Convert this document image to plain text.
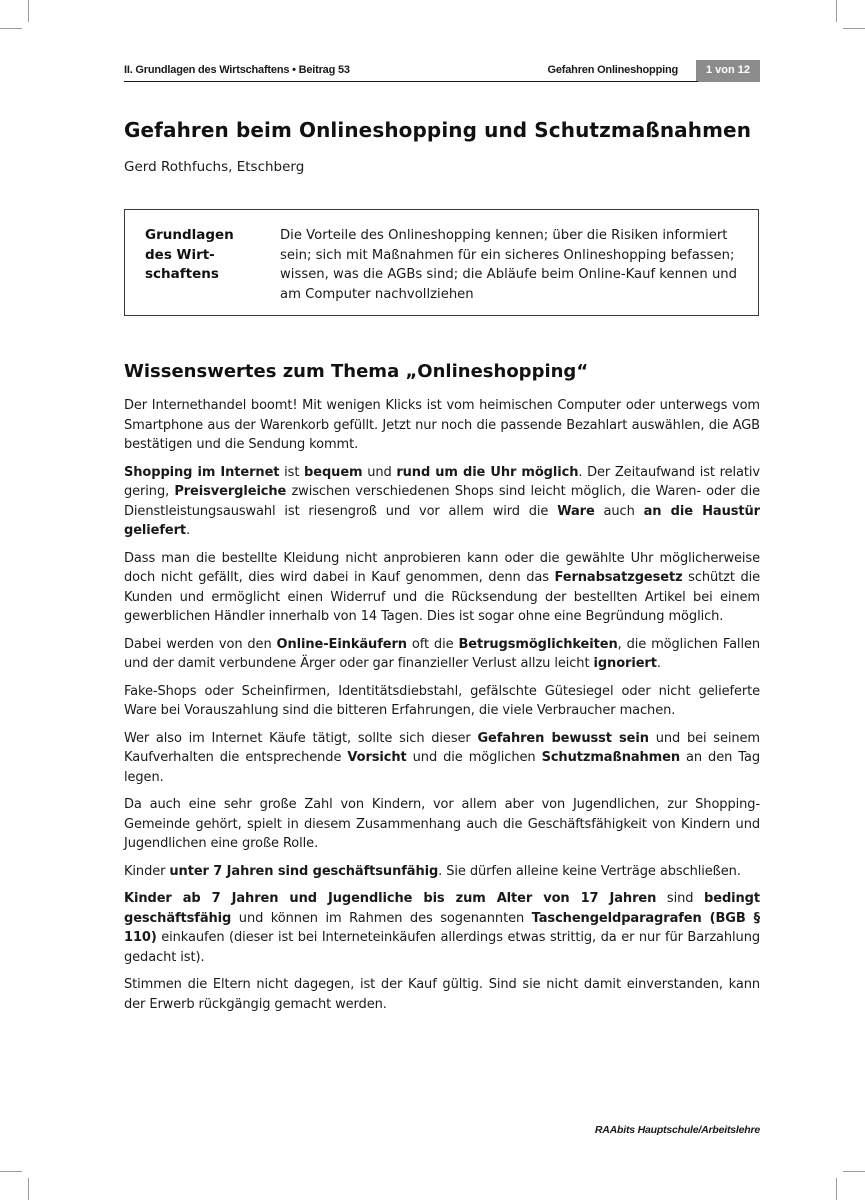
II. Grundlagen des Wirtschaftens • Beitrag 53	Gefahren Onlineshopping	1 von 12
Gefahren beim Onlineshopping und Schutzmaßnahmen
Gerd Rothfuchs, Etschberg

Grundlagen
des Wirt-
schaftens

Die Vorteile des Onlineshopping kennen; über die Risiken informiert sein; sich mit Maßnahmen für ein sicheres Onlineshopping befassen; wissen, was die AGBs sind; die Abläufe beim Online-Kauf kennen und am Computer nachvollziehen

Wissenswertes zum Thema „Onlineshopping“

Der Internethandel boomt! Mit wenigen Klicks ist vom heimischen Computer oder unterwegs vom Smartphone aus der Warenkorb gefüllt. Jetzt nur noch die passende Bezahlart auswählen, die AGB bestätigen und die Sendung kommt.

Shopping im Internet ist bequem und rund um die Uhr möglich. Der Zeitaufwand ist relativ gering, Preisvergleiche zwischen verschiedenen Shops sind leicht möglich, die Waren- oder die Dienstleistungsauswahl ist riesengroß und vor allem wird die Ware auch an die Haustür geliefert.

Dass man die bestellte Kleidung nicht anprobieren kann oder die gewählte Uhr möglicherweise doch nicht gefällt, dies wird dabei in Kauf genommen, denn das Fernabsatzgesetz schützt die Kunden und ermöglicht einen Widerruf und die Rücksendung der bestellten Artikel bei einem gewerblichen Händler innerhalb von 14 Tagen. Dies ist sogar ohne eine Begründung möglich.

Dabei werden von den Online-Einkäufern oft die Betrugsmöglichkeiten, die möglichen Fallen und der damit verbundene Ärger oder gar finanzieller Verlust allzu leicht ignoriert.

Fake-Shops oder Scheinfirmen, Identitätsdiebstahl, gefälschte Gütesiegel oder nicht gelieferte Ware bei Vorauszahlung sind die bitteren Erfahrungen, die viele Verbraucher machen.

Wer also im Internet Käufe tätigt, sollte sich dieser Gefahren bewusst sein und bei seinem Kaufverhalten die entsprechende Vorsicht und die möglichen Schutzmaßnahmen an den Tag legen.

Da auch eine sehr große Zahl von Kindern, vor allem aber von Jugendlichen, zur Shopping-Gemeinde gehört, spielt in diesem Zusammenhang auch die Geschäftsfähigkeit von Kindern und Jugendlichen eine große Rolle.

Kinder unter 7 Jahren sind geschäftsunfähig. Sie dürfen alleine keine Verträge abschließen.

Kinder ab 7 Jahren und Jugendliche bis zum Alter von 17 Jahren sind bedingt geschäftsfähig und können im Rahmen des sogenannten Taschengeldparagrafen (BGB § 110) einkaufen (dieser ist bei Interneteinkäufen allerdings etwas strittig, da er nur für Barzahlung gedacht ist).

Stimmen die Eltern nicht dagegen, ist der Kauf gültig. Sind sie nicht damit einverstanden, kann der Erwerb rückgängig gemacht werden.

RAAbits Hauptschule/Arbeitslehre
